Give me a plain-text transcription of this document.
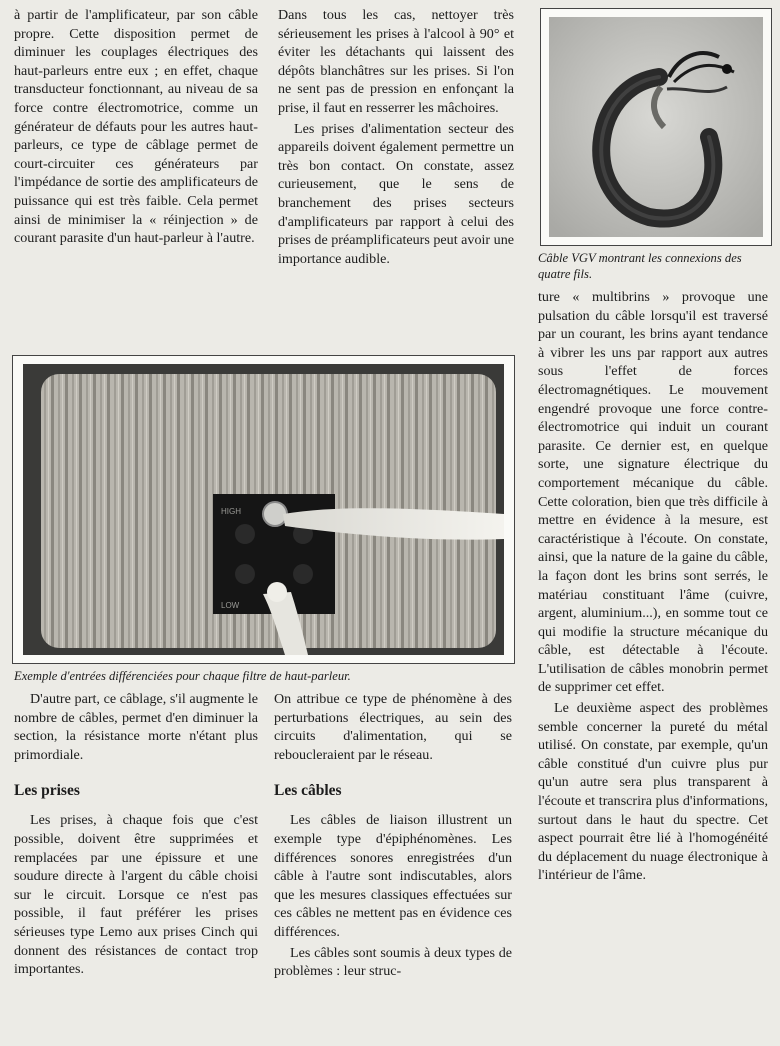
à partir de l'amplificateur, par son câble propre. Cette disposition permet de diminuer les couplages électriques des haut-parleurs entre eux ; en effet, chaque transducteur fonctionnant, au niveau de sa force contre électromotrice, comme un générateur de défauts pour les autres haut-parleurs, ce type de câblage permet de court-circuiter ces générateurs par l'impédance de sortie des amplificateurs de puissance qui est très faible. Cela permet ainsi de minimiser la « réinjection » de courant parasite d'un haut-parleur à l'autre.

Dans tous les cas, nettoyer très sérieusement les prises à l'alcool à 90° et éviter les détachants qui laissent des dépôts blanchâtres sur les prises. Si l'on ne sent pas de pression en enfonçant la prise, il faut en resserrer les mâchoires.

Les prises d'alimentation secteur des appareils doivent également permettre un très bon contact. On constate, assez curieusement, que le sens de branchement des prises secteurs d'amplificateurs par rapport à celui des prises de préamplificateurs peut avoir une importance audible.	Câble VGV montrant les connexions des quatre fils.
HIGH
LOW
Exemple d'entrées différenciées pour chaque filtre de haut-parleur.

D'autre part, ce câblage, s'il augmente le nombre de câbles, permet d'en diminuer la section, la résistance morte n'étant plus primordiale.

Les prises

Les prises, à chaque fois que c'est possible, doivent être supprimées et remplacées par une épissure et une soudure directe à l'argent du câble choisi sur le circuit. Lorsque ce n'est pas possible, il faut préférer les prises sérieuses type Lemo aux prises Cinch qui donnent des résistances de contact trop importantes.

On attribue ce type de phénomène à des perturbations électriques, au sein des circuits d'alimentation, qui se reboucleraient par le réseau.

Les câbles

Les câbles de liaison illustrent un exemple type d'épiphénomènes. Les différences sonores enregistrées d'un câble à l'autre sont indiscutables, alors que les mesures classiques effectuées sur ces câbles ne mettent pas en évidence ces différences.

Les câbles sont soumis à deux types de problèmes : leur struc-

ture « multibrins » provoque une pulsation du câble lorsqu'il est traversé par un courant, les brins ayant tendance à vibrer les uns par rapport aux autres sous l'effet de forces électromagnétiques. Le mouvement engendré provoque une force contre-électromotrice qui induit un courant parasite. Ce dernier est, en quelque sorte, une signature électrique du comportement mécanique du câble. Cette coloration, bien que très difficile à mettre en évidence à la mesure, est caractéristique à l'écoute. On constate, ainsi, que la nature de la gaine du câble, la façon dont les brins sont serrés, le matériau constituant l'âme (cuivre, argent, aluminium...), en somme tout ce qui modifie la structure mécanique du câble, est détectable à l'écoute. L'utilisation de câbles monobrin permet de supprimer cet effet.

Le deuxième aspect des problèmes semble concerner la pureté du métal utilisé. On constate, par exemple, qu'un câble constitué d'un cuivre plus pur qu'un autre sera plus transparent à l'écoute et transcrira plus d'informations, surtout dans le haut du spectre. Cet aspect pourrait être lié à l'homogénéité du déplacement du nuage électronique à l'intérieur de l'âme.
